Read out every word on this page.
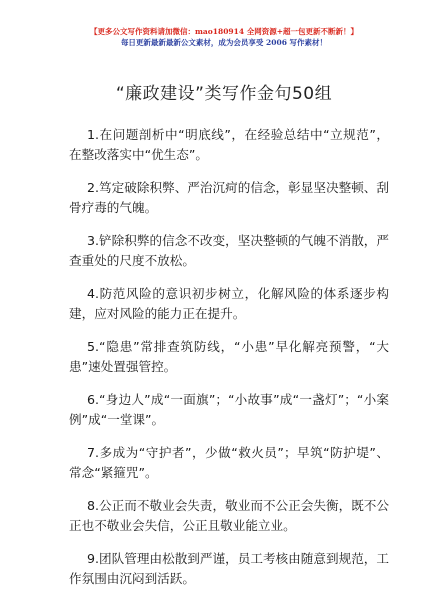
【更多公文写作资料请加微信：mao180914 全网资源+超一包更新不断新！】
每日更新最新最新公文素材，成为会员享受 2006 写作素材！
“廉政建设”类写作金句50组

1.在问题剖析中“明底线”，在经验总结中“立规范”，在整改落实中“优生态”。

2.笃定破除积弊、严治沉疴的信念，彰显坚决整顿、刮骨疗毒的气魄。

3.铲除积弊的信念不改变，坚决整顿的气魄不消散，严查重处的尺度不放松。

4.防范风险的意识初步树立，化解风险的体系逐步构建，应对风险的能力正在提升。

5.“隐患”常排查筑防线，“小患”早化解亮预警，“大患”速处置强管控。

6.“身边人”成“一面旗”；“小故事”成“一盏灯”；“小案例”成“一堂课”。

7.多成为“守护者”，少做“救火员”；早筑“防护堤”、常念“紧箍咒”。

8.公正而不敬业会失责，敬业而不公正会失衡，既不公正也不敬业会失信，公正且敬业能立业。

9.团队管理由松散到严谨，员工考核由随意到规范，工作氛围由沉闷到活跃。
